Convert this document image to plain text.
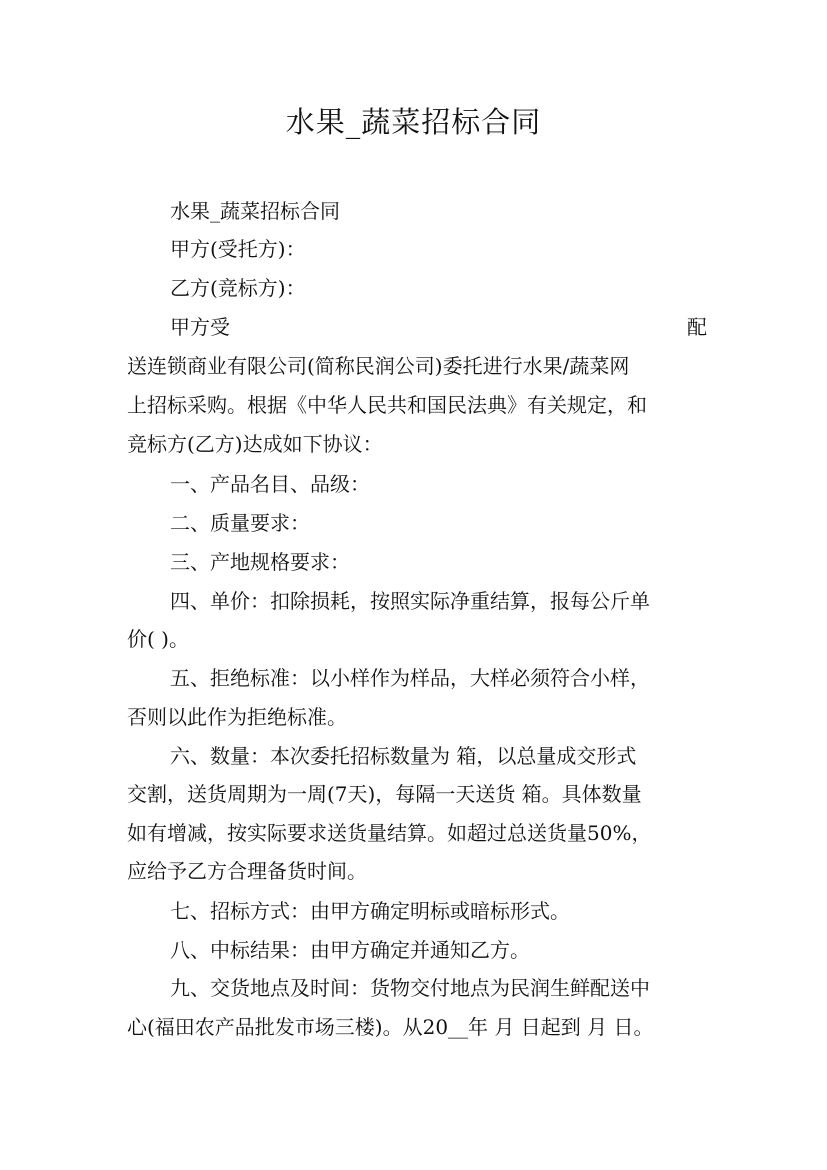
水果_蔬菜招标合同
水果_蔬菜招标合同
甲方(受托方)：
乙方(竞标方)：
甲方受	配
送连锁商业有限公司(简称民润公司)委托进行水果/蔬菜网
上招标采购。根据《中华人民共和国民法典》有关规定，和
竞标方(乙方)达成如下协议：
一、产品名目、品级：
二、质量要求：
三、产地规格要求：
四、单价：扣除损耗，按照实际净重结算，报每公斤单
价( )。
五、拒绝标准：以小样作为样品，大样必须符合小样，
否则以此作为拒绝标准。
六、数量：本次委托招标数量为 箱，以总量成交形式
交割，送货周期为一周(7天)，每隔一天送货 箱。具体数量
如有增减，按实际要求送货量结算。如超过总送货量50%，
应给予乙方合理备货时间。
七、招标方式：由甲方确定明标或暗标形式。
八、中标结果：由甲方确定并通知乙方。
九、交货地点及时间：货物交付地点为民润生鲜配送中
心(福田农产品批发市场三楼)。从20__年 月 日起到 月 日。
